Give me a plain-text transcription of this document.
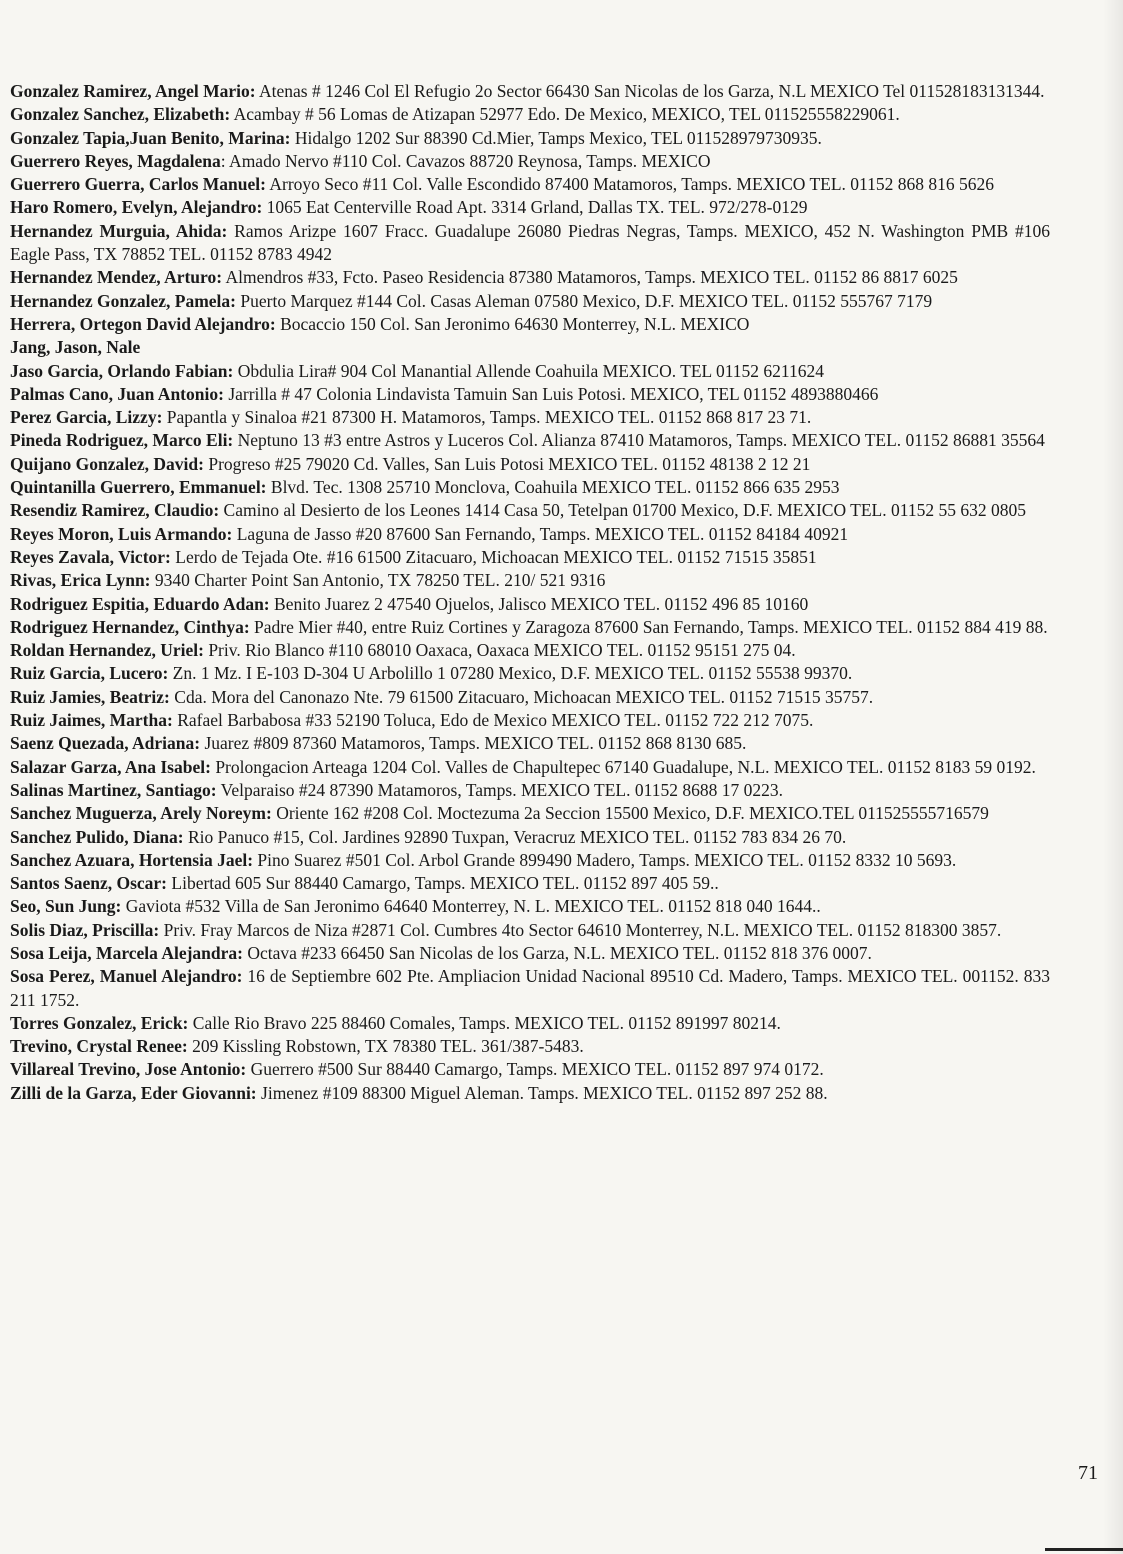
Gonzalez Ramirez, Angel Mario: Atenas # 1246 Col El Refugio 2o Sector 66430 San Nicolas de los Garza, N.L MEXICO Tel 011528183131344.
Gonzalez Sanchez, Elizabeth: Acambay # 56 Lomas de Atizapan 52977 Edo. De Mexico, MEXICO, TEL 011525558229061.
Gonzalez Tapia,Juan Benito, Marina: Hidalgo 1202 Sur 88390 Cd.Mier, Tamps Mexico, TEL 011528979730935.
Guerrero Reyes, Magdalena: Amado Nervo #110 Col. Cavazos 88720 Reynosa, Tamps. MEXICO
Guerrero Guerra, Carlos Manuel: Arroyo Seco #11 Col. Valle Escondido 87400 Matamoros, Tamps. MEXICO TEL. 01152 868 816 5626
Haro Romero, Evelyn, Alejandro: 1065 Eat Centerville Road Apt. 3314 Grland, Dallas TX. TEL. 972/278-0129
Hernandez Murguia, Ahida: Ramos Arizpe 1607 Fracc. Guadalupe 26080 Piedras Negras, Tamps. MEXICO, 452 N. Washington PMB #106 Eagle Pass, TX 78852 TEL. 01152 8783 4942
Hernandez Mendez, Arturo: Almendros #33, Fcto. Paseo Residencia 87380 Matamoros, Tamps. MEXICO TEL. 01152 86 8817 6025
Hernandez Gonzalez, Pamela: Puerto Marquez #144 Col. Casas Aleman 07580 Mexico, D.F. MEXICO TEL. 01152 555767 7179
Herrera, Ortegon David Alejandro: Bocaccio 150 Col. San Jeronimo 64630 Monterrey, N.L. MEXICO
Jang, Jason, Nale
Jaso Garcia, Orlando Fabian: Obdulia Lira# 904 Col Manantial Allende Coahuila MEXICO. TEL 01152 6211624
Palmas Cano, Juan Antonio: Jarrilla # 47 Colonia Lindavista Tamuin San Luis Potosi. MEXICO, TEL 01152 4893880466
Perez Garcia, Lizzy: Papantla y Sinaloa #21 87300 H. Matamoros, Tamps. MEXICO TEL. 01152 868 817 23 71.
Pineda Rodriguez, Marco Eli: Neptuno 13 #3 entre Astros y Luceros Col. Alianza 87410 Matamoros, Tamps. MEXICO TEL. 01152 86881 35564
Quijano Gonzalez, David: Progreso #25 79020 Cd. Valles, San Luis Potosi MEXICO TEL. 01152 48138 2 12 21
Quintanilla Guerrero, Emmanuel: Blvd. Tec. 1308 25710 Monclova, Coahuila MEXICO TEL. 01152 866 635 2953
Resendiz Ramirez, Claudio: Camino al Desierto de los Leones 1414 Casa 50, Tetelpan 01700 Mexico, D.F. MEXICO TEL. 01152 55 632 0805
Reyes Moron, Luis Armando: Laguna de Jasso #20 87600 San Fernando, Tamps. MEXICO TEL. 01152 84184 40921
Reyes Zavala, Victor: Lerdo de Tejada Ote. #16 61500 Zitacuaro, Michoacan MEXICO TEL. 01152 71515 35851
Rivas, Erica Lynn: 9340 Charter Point San Antonio, TX 78250 TEL. 210/ 521 9316
Rodriguez Espitia, Eduardo Adan: Benito Juarez 2 47540 Ojuelos, Jalisco MEXICO TEL. 01152 496 85 10160
Rodriguez Hernandez, Cinthya: Padre Mier #40, entre Ruiz Cortines y Zaragoza 87600 San Fernando, Tamps. MEXICO TEL. 01152 884 419 88.
Roldan Hernandez, Uriel: Priv. Rio Blanco #110 68010 Oaxaca, Oaxaca MEXICO TEL. 01152 95151 275 04.
Ruiz Garcia, Lucero: Zn. 1 Mz. I E-103 D-304 U Arbolillo 1 07280 Mexico, D.F. MEXICO TEL. 01152 55538 99370.
Ruiz Jamies, Beatriz: Cda. Mora del Canonazo Nte. 79 61500 Zitacuaro, Michoacan MEXICO TEL. 01152 71515 35757.
Ruiz Jaimes, Martha: Rafael Barbabosa #33 52190 Toluca, Edo de Mexico MEXICO TEL. 01152 722 212 7075.
Saenz Quezada, Adriana: Juarez #809 87360 Matamoros, Tamps. MEXICO TEL. 01152 868 8130 685.
Salazar Garza, Ana Isabel: Prolongacion Arteaga 1204 Col. Valles de Chapultepec 67140 Guadalupe, N.L. MEXICO TEL. 01152 8183 59 0192.
Salinas Martinez, Santiago: Velparaiso #24 87390 Matamoros, Tamps. MEXICO TEL. 01152 8688 17 0223.
Sanchez Muguerza, Arely Noreym: Oriente 162 #208 Col. Moctezuma 2a Seccion 15500 Mexico, D.F. MEXICO.TEL 011525555716579
Sanchez Pulido, Diana: Rio Panuco #15, Col. Jardines 92890 Tuxpan, Veracruz MEXICO TEL. 01152 783 834 26 70.
Sanchez Azuara, Hortensia Jael: Pino Suarez #501 Col. Arbol Grande 899490 Madero, Tamps. MEXICO TEL. 01152 8332 10 5693.
Santos Saenz, Oscar: Libertad 605 Sur 88440 Camargo, Tamps. MEXICO TEL. 01152 897 405 59..
Seo, Sun Jung: Gaviota #532 Villa de San Jeronimo 64640 Monterrey, N. L. MEXICO TEL. 01152 818 040 1644..
Solis Diaz, Priscilla: Priv. Fray Marcos de Niza #2871 Col. Cumbres 4to Sector 64610 Monterrey, N.L. MEXICO TEL. 01152 818300 3857.
Sosa Leija, Marcela Alejandra: Octava #233 66450 San Nicolas de los Garza, N.L. MEXICO TEL. 01152 818 376 0007.
Sosa Perez, Manuel Alejandro: 16 de Septiembre 602 Pte. Ampliacion Unidad Nacional 89510 Cd. Madero, Tamps. MEXICO TEL. 001152. 833 211 1752.
Torres Gonzalez, Erick: Calle Rio Bravo 225 88460 Comales, Tamps. MEXICO TEL. 01152 891997 80214.
Trevino, Crystal Renee: 209 Kissling Robstown, TX 78380 TEL. 361/387-5483.
Villareal Trevino, Jose Antonio: Guerrero #500 Sur 88440 Camargo, Tamps. MEXICO TEL. 01152 897 974 0172.
Zilli de la Garza, Eder Giovanni: Jimenez #109 88300 Miguel Aleman. Tamps. MEXICO TEL. 01152 897 252 88.
71
